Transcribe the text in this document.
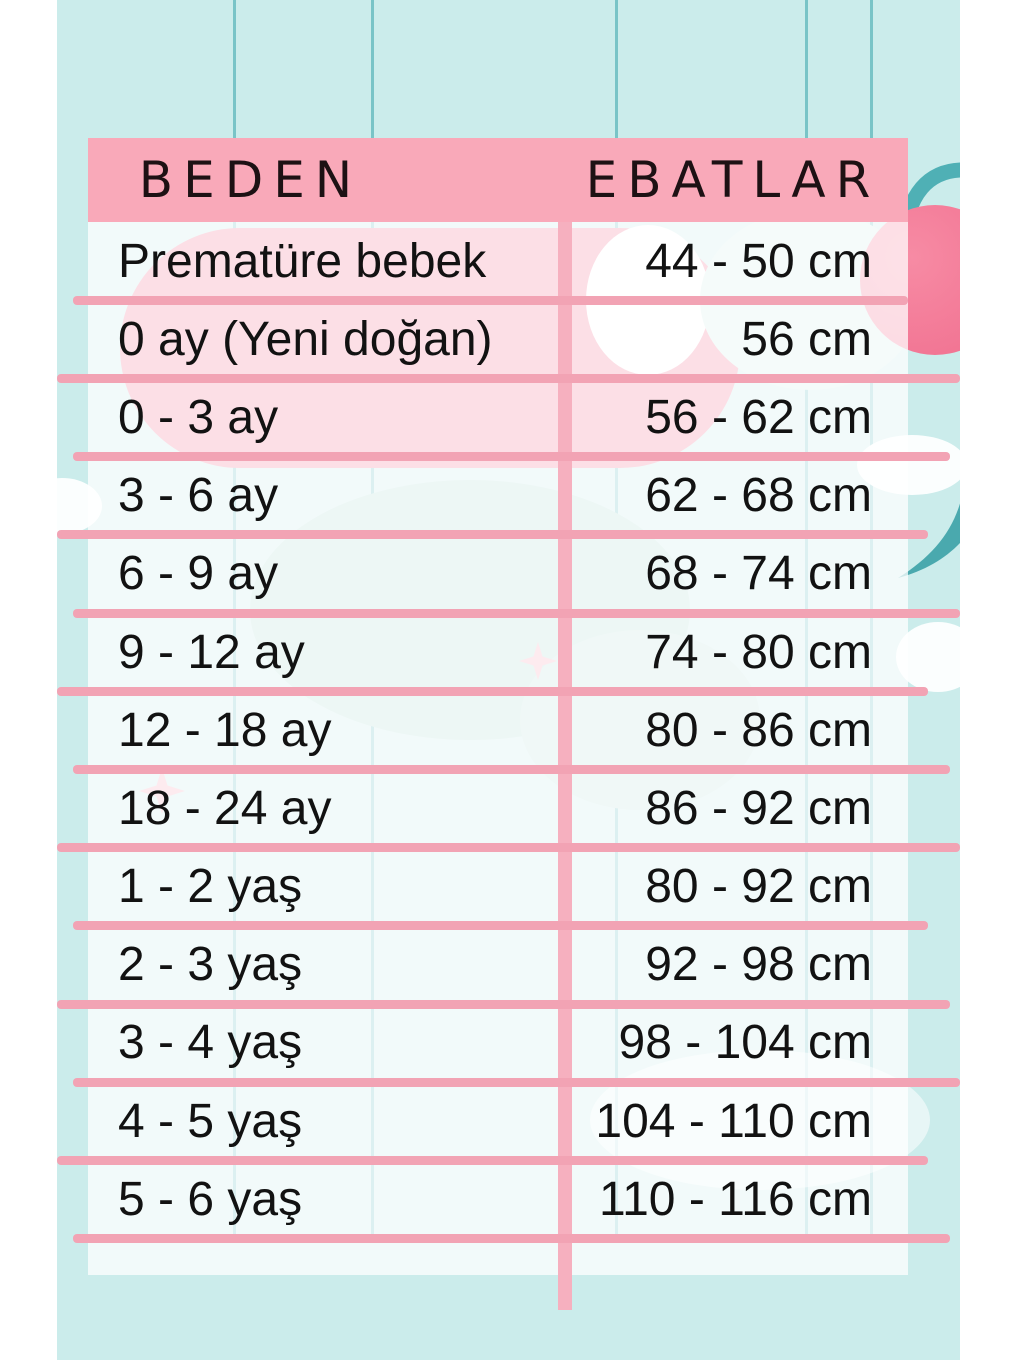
BEDEN	EBATLAR
Prematüre bebek	44 - 50 cm
0 ay (Yeni doğan)	56 cm
0 - 3 ay	56 - 62 cm
3 - 6 ay	62 - 68 cm
6 - 9 ay	68 - 74 cm
9 - 12 ay	74 - 80 cm
12 - 18 ay	80 - 86 cm
18 - 24 ay	86 - 92 cm
1 - 2 yaş	80 - 92 cm
2 - 3 yaş	92 - 98 cm
3 - 4 yaş	98 - 104 cm
4 - 5 yaş	104 - 110 cm
5 - 6 yaş	110 - 116 cm
